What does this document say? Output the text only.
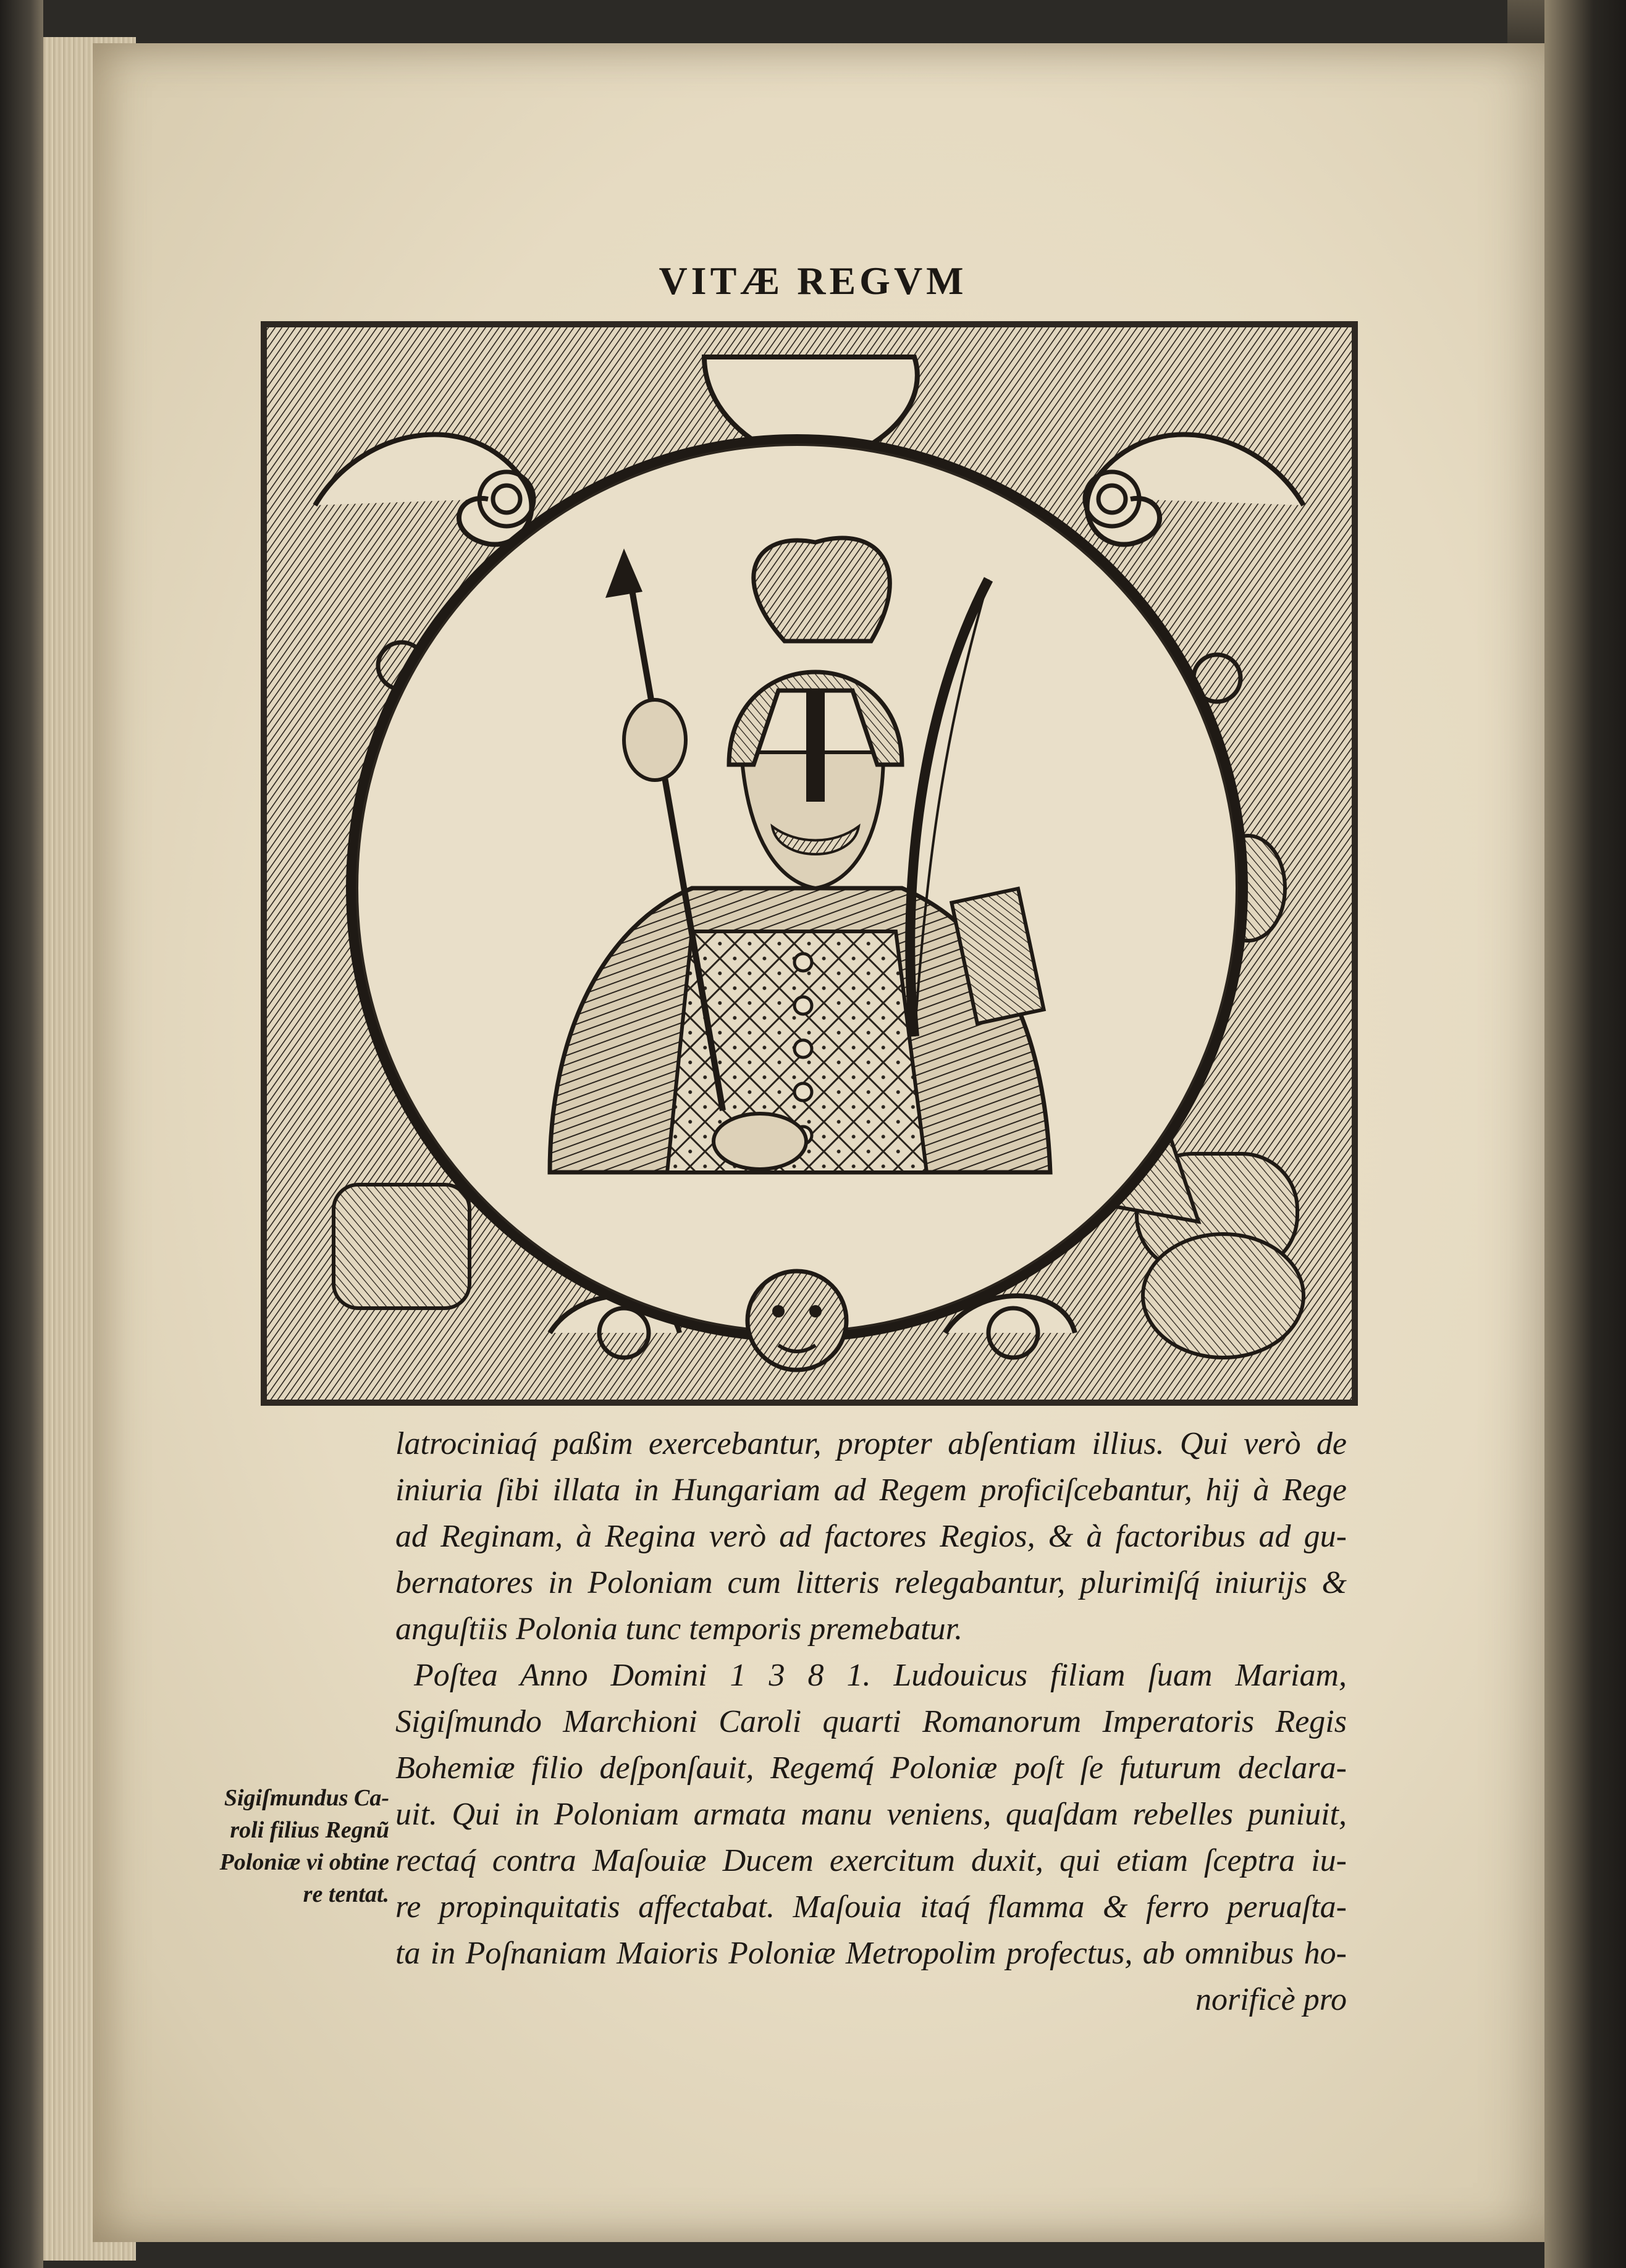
VITÆ REGVM
latrociniaq́ paßim exercebantur, propter abſentiam illius. Qui verò de
iniuria ſibi illata in Hungariam ad Regem proficiſcebantur, hij à Rege
ad Reginam, à Regina verò ad factores Regios, & à factoribus ad gu-
bernatores in Poloniam cum litteris relegabantur, plurimiſq́ iniurijs &
anguſtiis Polonia tunc temporis premebatur.
Poſtea Anno Domini 1 3 8 1. Ludouicus filiam ſuam Mariam,
Sigiſmundo Marchioni Caroli quarti Romanorum Imperatoris Regis
Bohemiæ filio deſponſauit, Regemq́ Poloniæ poſt ſe futurum declara-
uit. Qui in Poloniam armata manu veniens, quaſdam rebelles puniuit,
rectaq́ contra Maſouiæ Ducem exercitum duxit, qui etiam ſceptra iu-
re propinquitatis affectabat. Maſouia itaq́ flamma & ferro peruaſta-
ta in Poſnaniam Maioris Poloniæ Metropolim profectus, ab omnibus ho-
norificè pro
Sigiſmundus Ca-
roli filius Regnũ
Poloniæ vi obtine
re tentat.
